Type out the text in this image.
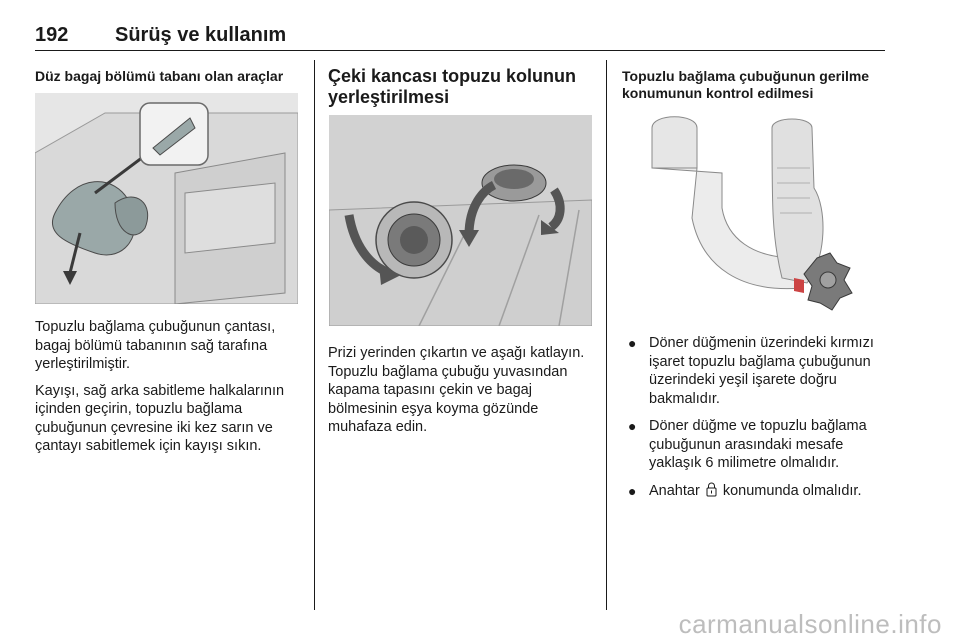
192 Sürüş ve kullanım
Düz bagaj bölümü tabanı olan araçlar

Topuzlu bağlama çubuğunun çantası, bagaj bölümü tabanının sağ tarafına yerleştirilmiştir.

Kayışı, sağ arka sabitleme halkalarının içinden geçirin, topuzlu bağlama çubuğunun çevresine iki kez sarın ve çantayı sabitlemek için kayışı sıkın.

Çeki kancası topuzu kolunun yerleştirilmesi

Prizi yerinden çıkartın ve aşağı katlayın. Topuzlu bağlama çubuğu yuvasından kapama tapasını çekin ve bagaj bölmesinin eşya koyma gözünde muhafaza edin.

Topuzlu bağlama çubuğunun gerilme konumunun kontrol edilmesi
● Döner düğmenin üzerindeki kırmızı işaret topuzlu bağlama çubuğunun üzerindeki yeşil işarete doğru bakmalıdır.
● Döner düğme ve topuzlu bağlama çubuğunun arasındaki mesafe yaklaşık 6 milimetre olmalıdır.
● Anahtar konumunda olmalıdır.
carmanualsonline.info
